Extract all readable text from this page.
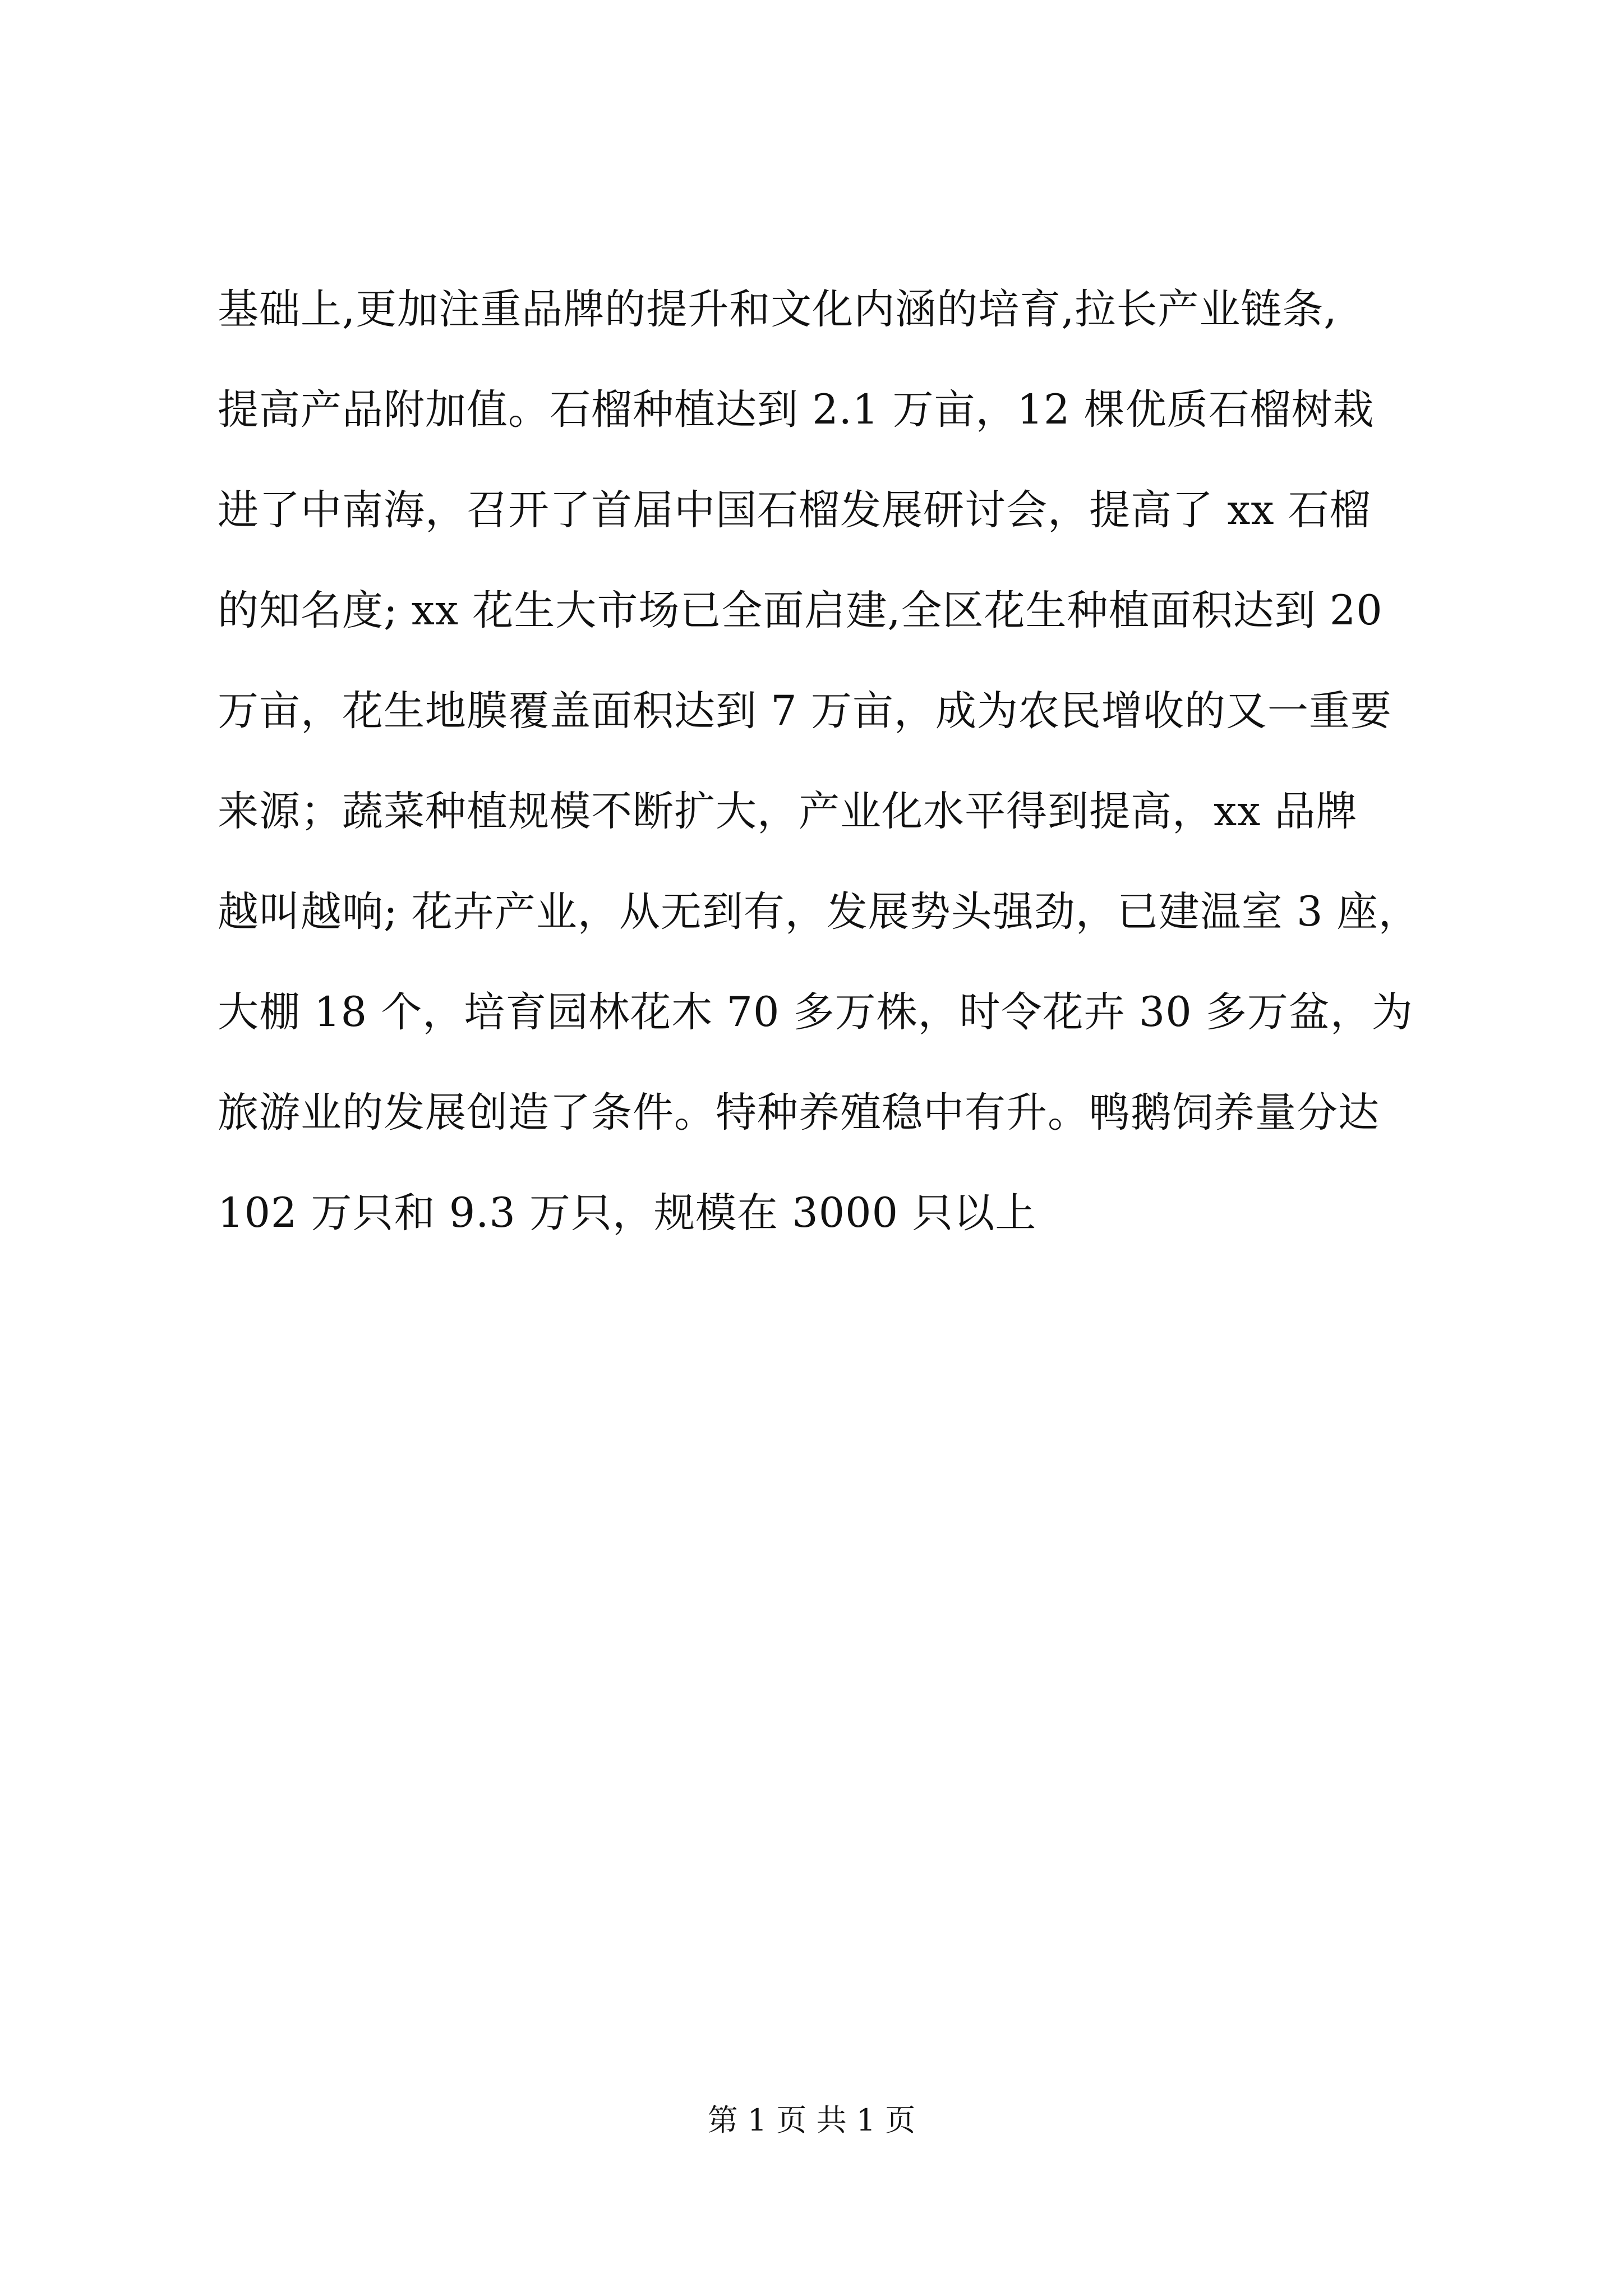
基础上,更加注重品牌的提升和文化内涵的培育,拉长产业链条,
提高产品附加值。石榴种植达到 2.1 万亩，12 棵优质石榴树栽
进了中南海，召开了首届中国石榴发展研讨会，提高了 xx 石榴
的知名度; xx 花生大市场已全面启建,全区花生种植面积达到 20
万亩，花生地膜覆盖面积达到 7 万亩，成为农民增收的又一重要
来源；蔬菜种植规模不断扩大，产业化水平得到提高，xx 品牌
越叫越响; 花卉产业，从无到有，发展势头强劲，已建温室 3 座，
大棚 18 个，培育园林花木 70 多万株，时令花卉 30 多万盆，为
旅游业的发展创造了条件。特种养殖稳中有升。鸭鹅饲养量分达
102 万只和 9.3 万只，规模在 3000 只以上
第 1 页 共 1 页
